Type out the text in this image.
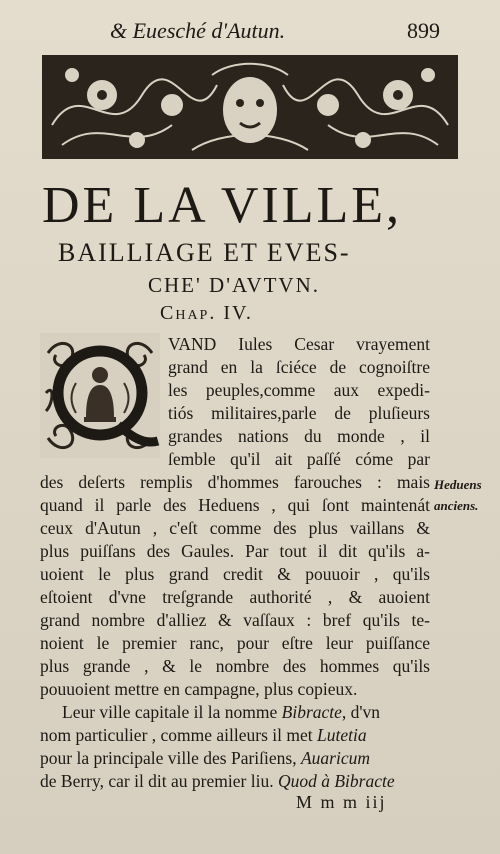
& Euesché d'Autun.	899
DE LA VILLE,
BAILLIAGE ET EVES-
CHE' D'AVTVN.
Chap. IV.
VAND Iules Cesar vrayement
grand en la ſciéce de cognoiſtre
les peuples,comme aux expedi-
tiós militaires,parle de pluſieurs
grandes nations du monde , il
ſemble qu'il ait paſſé cóme par
des deſerts remplis d'hommes farouches : mais
quand il parle des Heduens , qui ſont maintenát
ceux d'Autun , c'eſt comme des plus vaillans &
plus puiſſans des Gaules. Par tout il dit qu'ils a-
uoient le plus grand credit & pouuoir , qu'ils
eſtoient d'vne treſgrande authorité , & auoient
grand nombre d'alliez & vaſſaux : bref qu'ils te-
noient le premier ranc, pour eſtre leur puiſſance
plus grande , & le nombre des hommes qu'ils
pouuoient mettre en campagne, plus copieux.
Leur ville capitale il la nomme Bibracte, d'vn
nom particulier , comme ailleurs il met Lutetia
pour la principale ville des Pariſiens, Auaricum
de Berry, car il dit au premier liu. Quod à Bibracte
Heduens
anciens.
M m m iij
